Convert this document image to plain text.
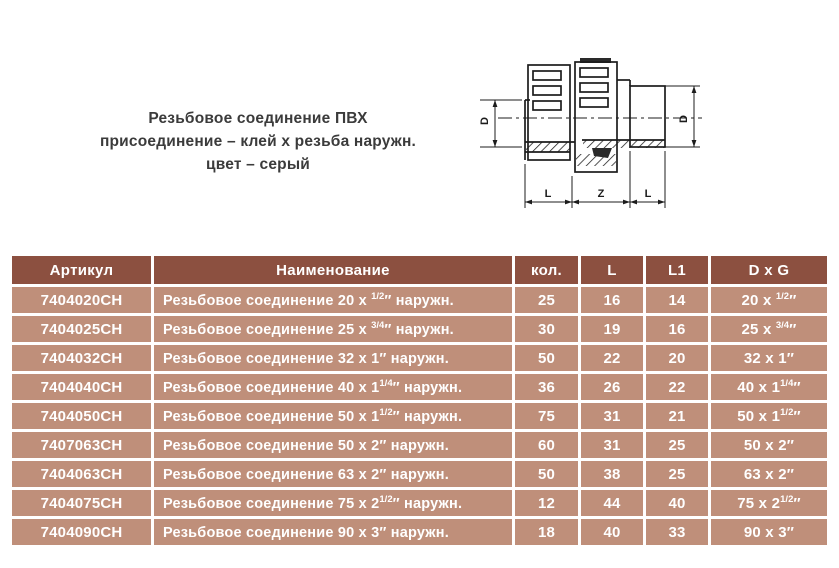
Резьбовое соединение ПВХ
присоединение – клей x резьба наружн.
цвет – серый
D	D
L	Z	L
Артикул	Наименование	кол.	L	L1	D x G
7404020CH	Резьбовое соединение 20 x $^{1/2}$″ наружн.	25	16	14	20 x $^{1/2}$″
7404025CH	Резьбовое соединение 25 x $^{3/4}$″ наружн.	30	19	16	25 x $^{3/4}$″
7404032CH	Резьбовое соединение 32 x 1″ наружн.	50	22	20	32 x 1″
7404040CH	Резьбовое соединение 40 x $1^{1/4}''$ наружн.	36	26	22	40 x $1^{1/4}''$
7404050CH	Резьбовое соединение 50 x $1^{1/2}''$ наружн.	75	31	21	50 x $1^{1/2}''$
7407063CH	Резьбовое соединение 50 x 2″ наружн.	60	31	25	50 x 2″
7404063CH	Резьбовое соединение 63 x 2″ наружн.	50	38	25	63 x 2″
7404075CH	Резьбовое соединение 75 x $2^{1/2}''$ наружн.	12	44	40	75 x $2^{1/2}''$
7404090CH	Резьбовое соединение 90 x 3″ наружн.	18	40	33	90 x 3″
